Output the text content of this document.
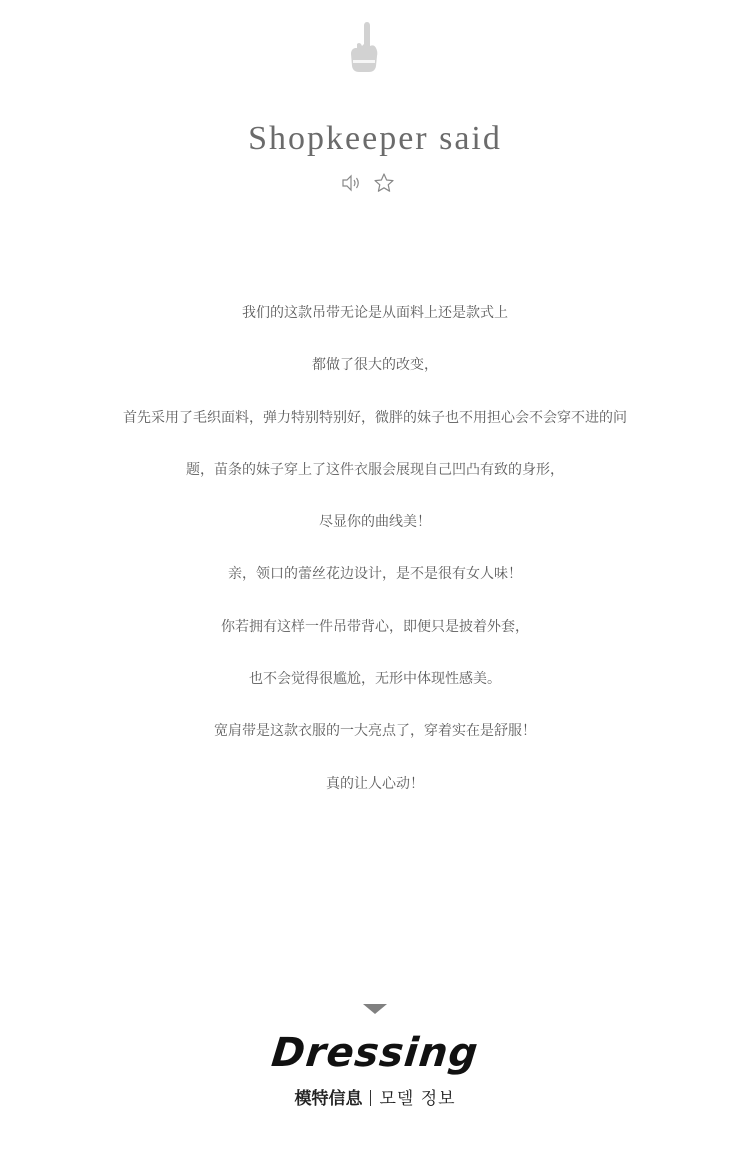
Shopkeeper said
我们的这款吊带无论是从面料上还是款式上
都做了很大的改变，
首先采用了毛织面料，弹力特别特别好，微胖的妹子也不用担心会不会穿不进的问
题，苗条的妹子穿上了这件衣服会展现自己凹凸有致的身形，
尽显你的曲线美！
亲，领口的蕾丝花边设计，是不是很有女人味！
你若拥有这样一件吊带背心，即便只是披着外套，
也不会觉得很尴尬，无形中体现性感美。
宽肩带是这款衣服的一大亮点了，穿着实在是舒服！
真的让人心动！
Dressing
模特信息 모델 정보
